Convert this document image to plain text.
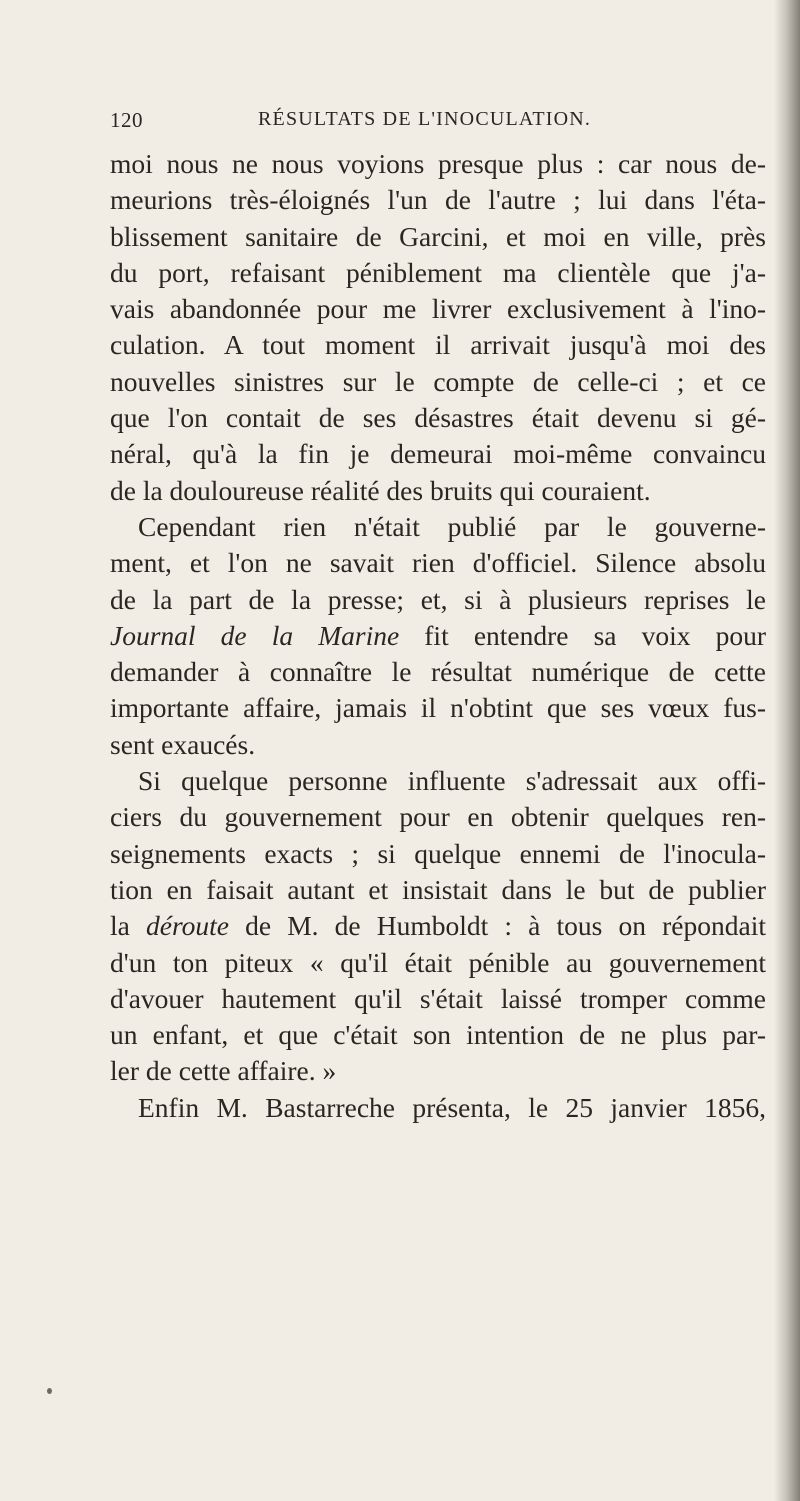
120	RÉSULTATS DE L'INOCULATION.
moi nous ne nous voyions presque plus : car nous de-
meurions très-éloignés l'un de l'autre ; lui dans l'éta-
blissement sanitaire de Garcini, et moi en ville, près
du port, refaisant péniblement ma clientèle que j'a-
vais abandonnée pour me livrer exclusivement à l'ino-
culation. A tout moment il arrivait jusqu'à moi des
nouvelles sinistres sur le compte de celle-ci ; et ce
que l'on contait de ses désastres était devenu si gé-
néral, qu'à la fin je demeurai moi-même convaincu
de la douloureuse réalité des bruits qui couraient.
Cependant rien n'était publié par le gouverne-
ment, et l'on ne savait rien d'officiel. Silence absolu
de la part de la presse; et, si à plusieurs reprises le
Journal de la Marine fit entendre sa voix pour
demander à connaître le résultat numérique de cette
importante affaire, jamais il n'obtint que ses vœux fus-
sent exaucés.
Si quelque personne influente s'adressait aux offi-
ciers du gouvernement pour en obtenir quelques ren-
seignements exacts ; si quelque ennemi de l'inocula-
tion en faisait autant et insistait dans le but de publier
la déroute de M. de Humboldt : à tous on répondait
d'un ton piteux « qu'il était pénible au gouvernement
d'avouer hautement qu'il s'était laissé tromper comme
un enfant, et que c'était son intention de ne plus par-
ler de cette affaire. »
Enfin M. Bastarreche présenta, le 25 janvier 1856,
